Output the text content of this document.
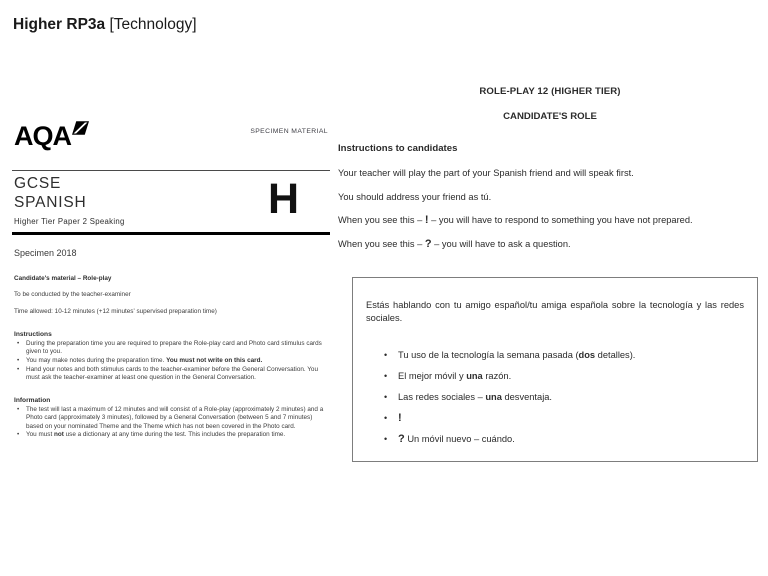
Higher RP3a [Technology]
AQA	SPECIMEN MATERIAL
GCSE
SPANISH
Higher Tier Paper 2 Speaking	H
Specimen 2018

Candidate's material – Role-play

To be conducted by the teacher-examiner

Time allowed: 10-12 minutes (+12 minutes' supervised preparation time)

Instructions
•	During the preparation time you are required to prepare the Role-play card and Photo card stimulus cards given to you.
•	You may make notes during the preparation time. You must not write on this card.
•	Hand your notes and both stimulus cards to the teacher-examiner before the General Conversation. You must ask the teacher-examiner at least one question in the General Conversation.
Information
•	The test will last a maximum of 12 minutes and will consist of a Role-play (approximately 2 minutes) and a Photo card (approximately 3 minutes), followed by a General Conversation (between 5 and 7 minutes) based on your nominated Theme and the Theme which has not been covered in the Photo card.
•	You must not use a dictionary at any time during the test. This includes the preparation time.
ROLE-PLAY 12 (HIGHER TIER)
CANDIDATE'S ROLE
Instructions to candidates

Your teacher will play the part of your Spanish friend and will speak first.

You should address your friend as tú.

When you see this – ! – you will have to respond to something you have not prepared.

When you see this – ? – you will have to ask a question.

Estás hablando con tu amigo español/tu amiga española sobre la tecnología y las redes sociales.
•	Tu uso de la tecnología la semana pasada (dos detalles).
•	El mejor móvil y una razón.
•	Las redes sociales – una desventaja.
• !
• ? Un móvil nuevo – cuándo.
